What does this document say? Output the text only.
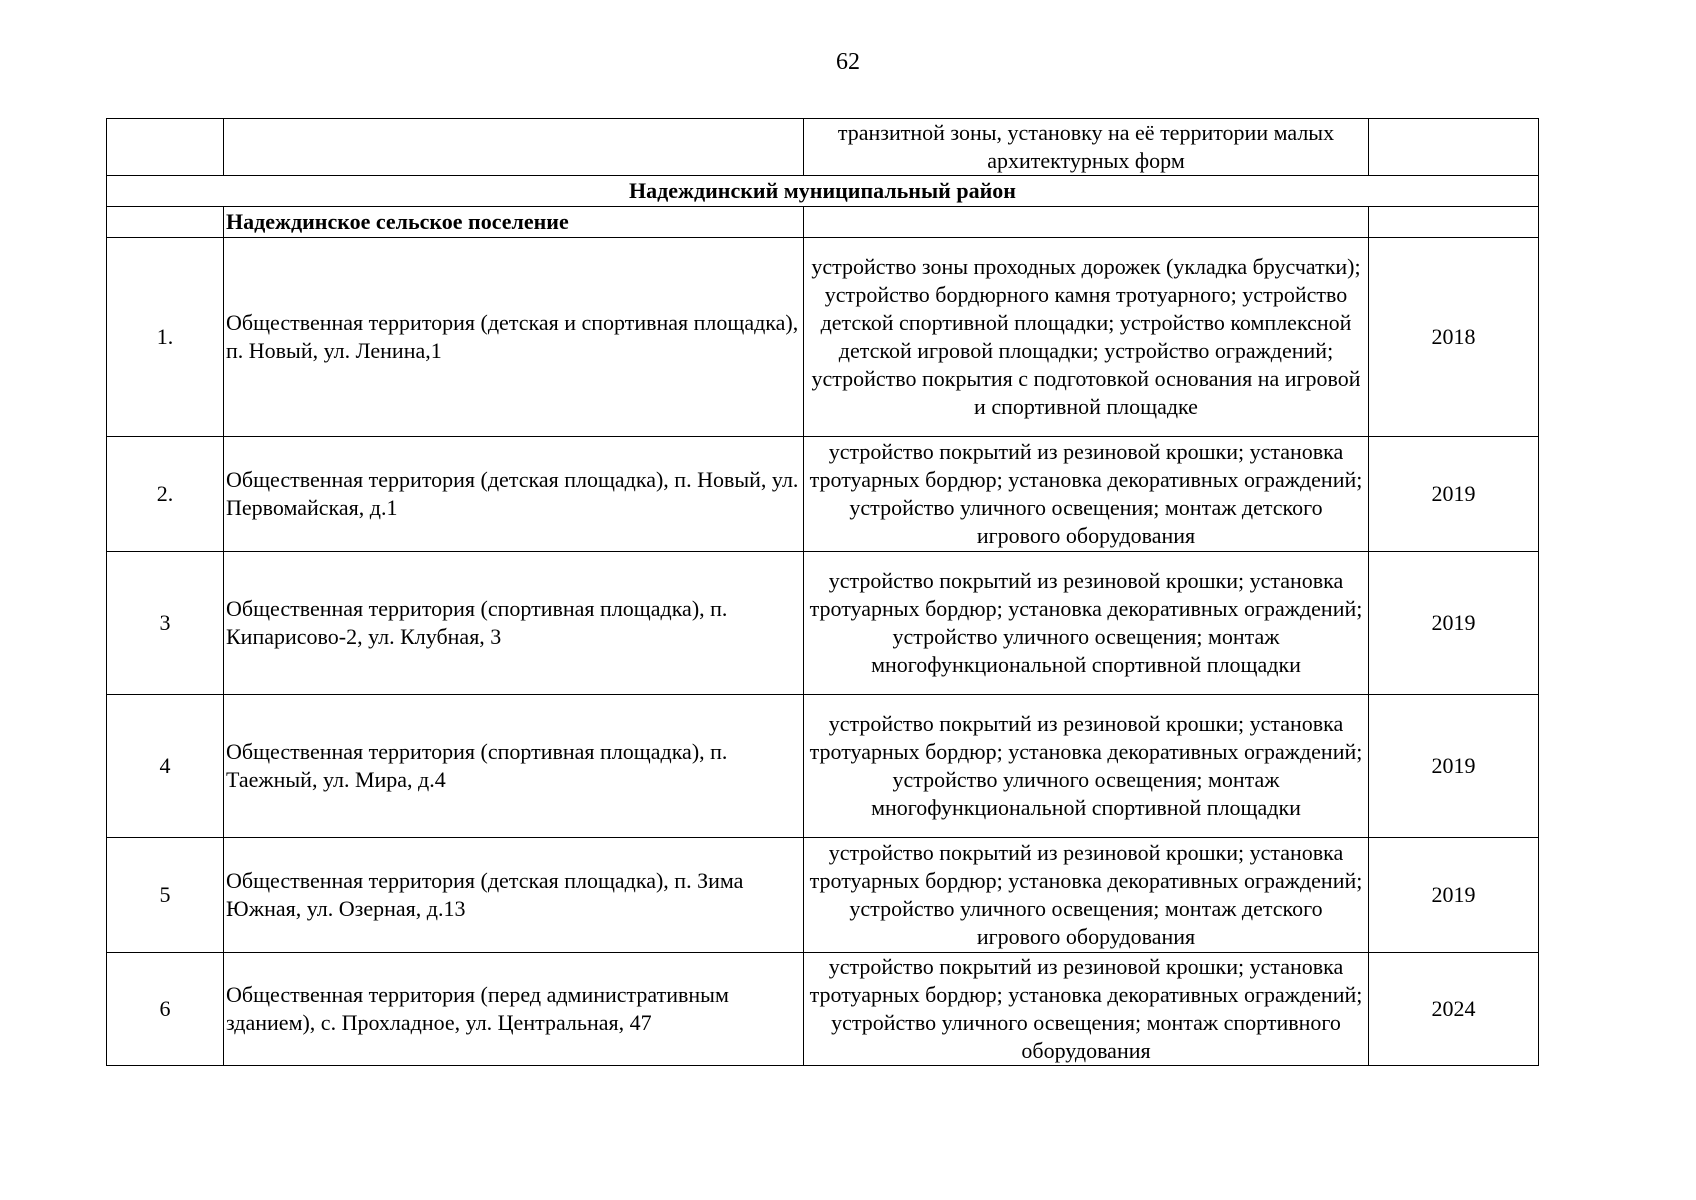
62
		транзитной зоны, установку на её территории малых архитектурных форм	
Надеждинский муниципальный район			
	Надеждинское сельское поселение		
1.	Общественная территория (детская и спортивная площадка), п. Новый, ул. Ленина,1	устройство зоны проходных дорожек (укладка брусчатки); устройство бордюрного камня тротуарного; устройство детской спортивной площадки; устройство комплексной детской игровой площадки; устройство ограждений; устройство покрытия с подготовкой основания на игровой и спортивной площадке	2018
2.	Общественная территория (детская площадка), п. Новый, ул. Первомайская, д.1	устройство покрытий из резиновой крошки; установка тротуарных бордюр; установка декоративных ограждений; устройство уличного освещения; монтаж детского игрового оборудования	2019
3	Общественная территория (спортивная площадка), п. Кипарисово-2, ул. Клубная, 3	устройство покрытий из резиновой крошки; установка тротуарных бордюр; установка декоративных ограждений; устройство уличного освещения; монтаж многофункциональной спортивной площадки	2019
4	Общественная территория (спортивная площадка), п. Таежный, ул. Мира, д.4	устройство покрытий из резиновой крошки; установка тротуарных бордюр; установка декоративных ограждений; устройство уличного освещения; монтаж многофункциональной спортивной площадки	2019
5	Общественная территория (детская площадка), п. Зима Южная, ул. Озерная, д.13	устройство покрытий из резиновой крошки; установка тротуарных бордюр; установка декоративных ограждений; устройство уличного освещения; монтаж детского игрового оборудования	2019
6	Общественная территория (перед административным зданием), с. Прохладное, ул. Центральная, 47	устройство покрытий из резиновой крошки; установка тротуарных бордюр; установка декоративных ограждений; устройство уличного освещения; монтаж спортивного оборудования	2024
